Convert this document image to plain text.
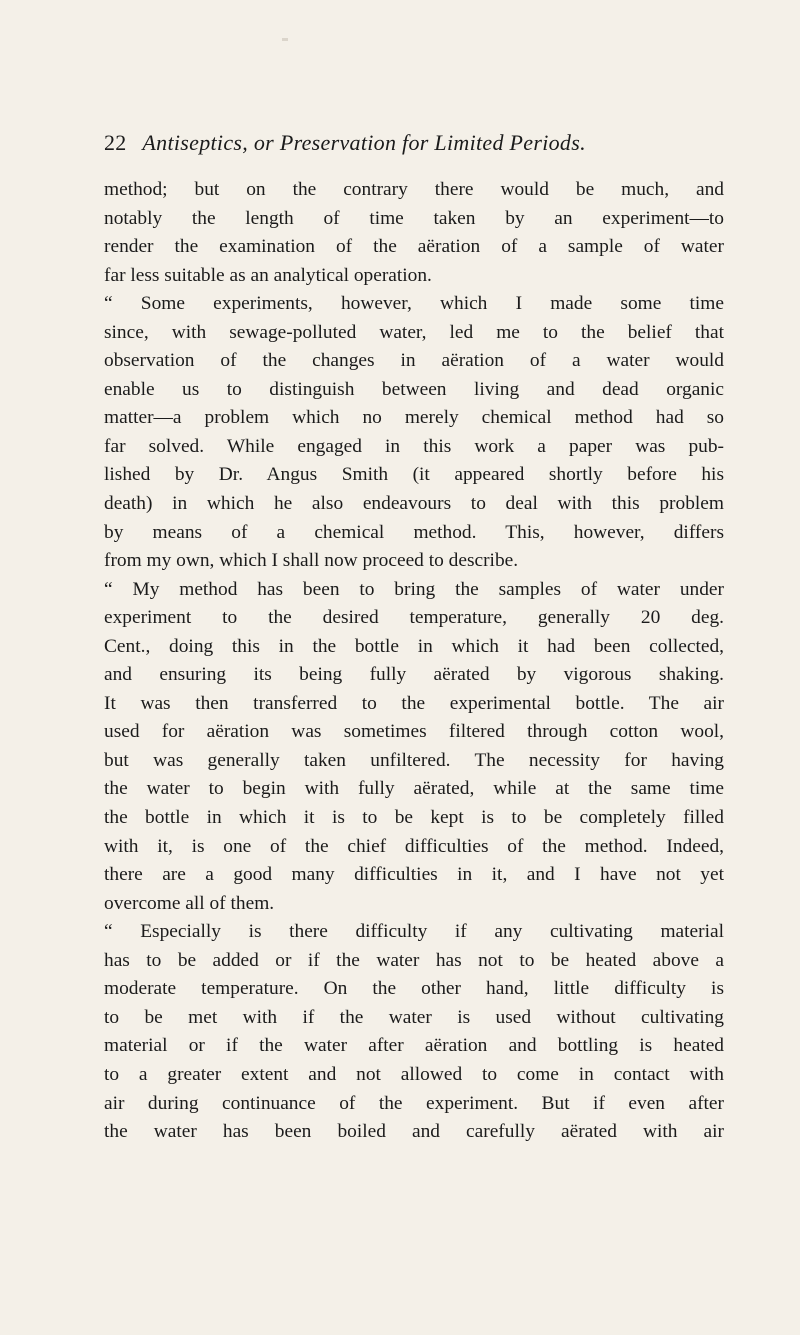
22 Antiseptics, or Preservation for Limited Periods.
method; but on the contrary there would be much, and
notably the length of time taken by an experiment—to
render the examination of the aëration of a sample of water
far less suitable as an analytical operation.
“ Some experiments, however, which I made some time
since, with sewage-polluted water, led me to the belief that
observation of the changes in aëration of a water would
enable us to distinguish between living and dead organic
matter—a problem which no merely chemical method had so
far solved. While engaged in this work a paper was pub-
lished by Dr. Angus Smith (it appeared shortly before his
death) in which he also endeavours to deal with this problem
by means of a chemical method. This, however, differs
from my own, which I shall now proceed to describe.
“ My method has been to bring the samples of water under
experiment to the desired temperature, generally 20 deg.
Cent., doing this in the bottle in which it had been collected,
and ensuring its being fully aërated by vigorous shaking.
It was then transferred to the experimental bottle. The air
used for aëration was sometimes filtered through cotton wool,
but was generally taken unfiltered. The necessity for having
the water to begin with fully aërated, while at the same time
the bottle in which it is to be kept is to be completely filled
with it, is one of the chief difficulties of the method. Indeed,
there are a good many difficulties in it, and I have not yet
overcome all of them.
“ Especially is there difficulty if any cultivating material
has to be added or if the water has not to be heated above a
moderate temperature. On the other hand, little difficulty is
to be met with if the water is used without cultivating
material or if the water after aëration and bottling is heated
to a greater extent and not allowed to come in contact with
air during continuance of the experiment. But if even after
the water has been boiled and carefully aërated with air
